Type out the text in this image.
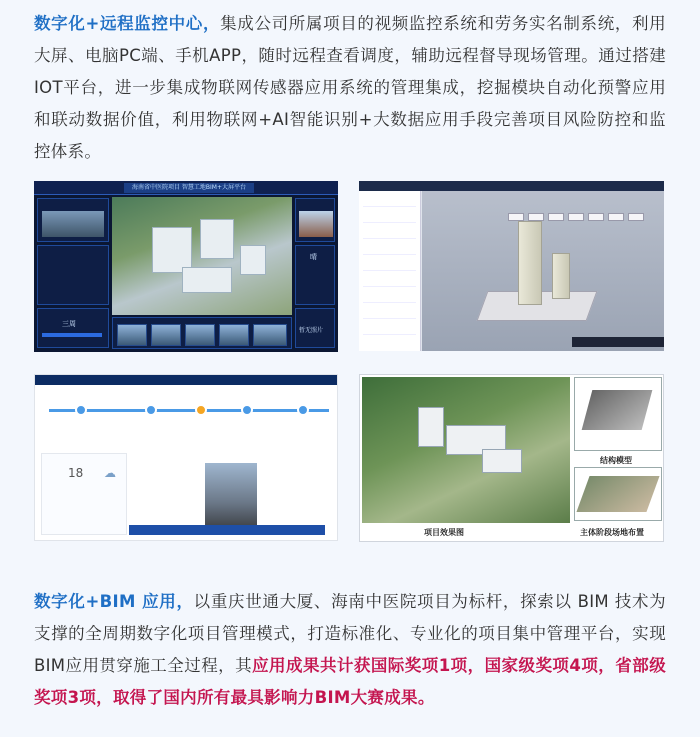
数字化+远程监控中心，集成公司所属项目的视频监控系统和劳务实名制系统，利用大屏、电脑PC端、手机APP，随时远程查看调度，辅助远程督导现场管理。通过搭建IOT平台，进一步集成物联网传感器应用系统的管理集成，挖掘模块自动化预警应用和联动数据价值，利用物联网+AI智能识别+大数据应用手段完善项目风险防控和监控体系。

海南省中医院项目 智慧工地BIM+大屏平台
三周
晴
暂无照片
18 ☁
项目效果图
结构模型
主体阶段场地布置

数字化+BIM 应用，以重庆世通大厦、海南中医院项目为标杆，探索以 BIM 技术为支撑的全周期数字化项目管理模式，打造标准化、专业化的项目集中管理平台，实现BIM应用贯穿施工全过程，其应用成果共计获国际奖项1项，国家级奖项4项，省部级奖项3项，取得了国内所有最具影响力BIM大赛成果。
